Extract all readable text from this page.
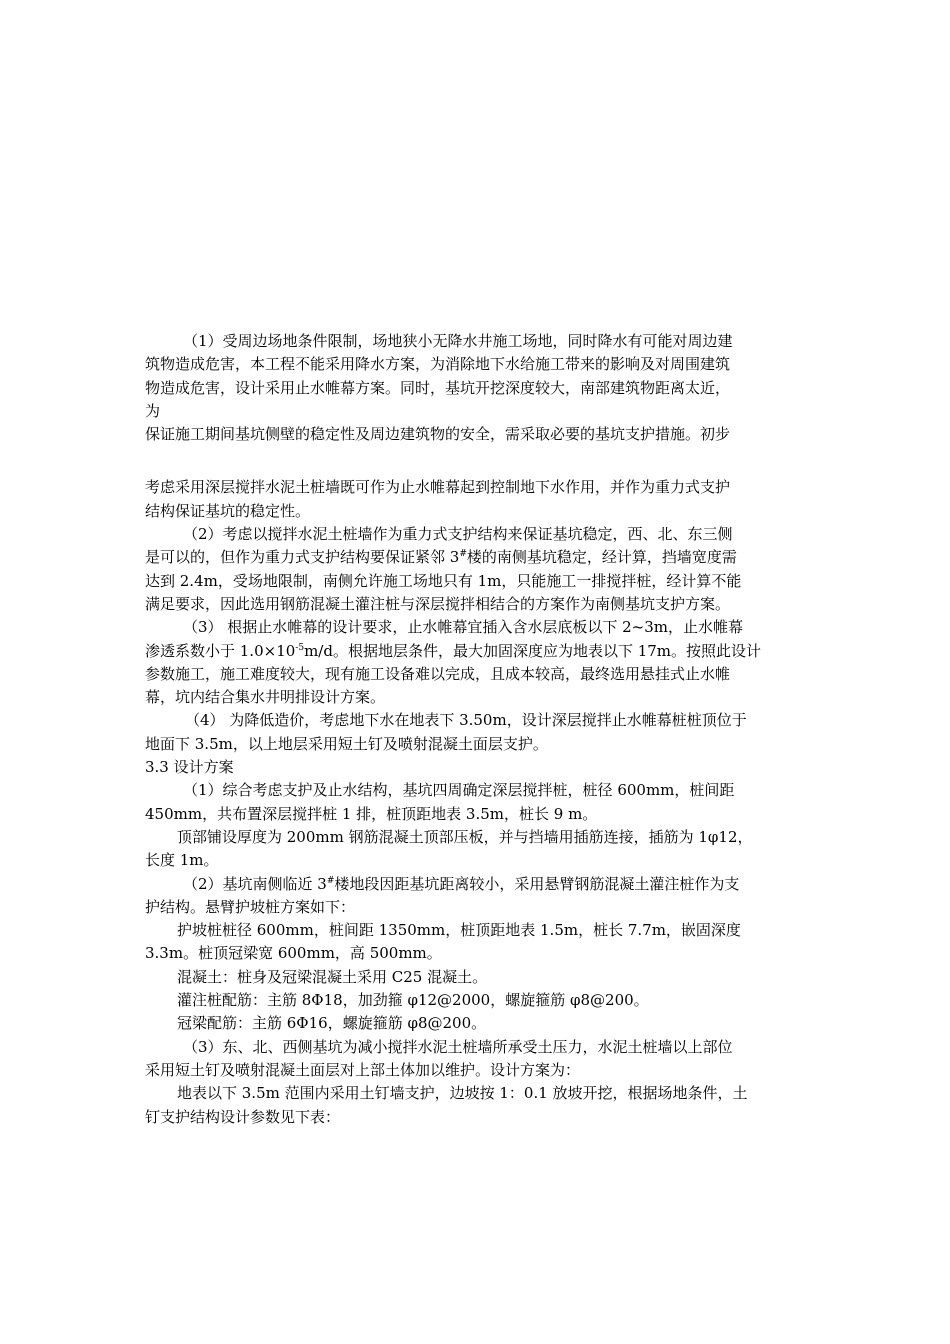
（1）受周边场地条件限制，场地狭小无降水井施工场地，同时降水有可能对周边建
筑物造成危害，本工程不能采用降水方案，为消除地下水给施工带来的影响及对周围建筑
物造成危害，设计采用止水帷幕方案。同时，基坑开挖深度较大，南部建筑物距离太近，
为
保证施工期间基坑侧壁的稳定性及周边建筑物的安全，需采取必要的基坑支护措施。初步
考虑采用深层搅拌水泥土桩墙既可作为止水帷幕起到控制地下水作用，并作为重力式支护
结构保证基坑的稳定性。
（2）考虑以搅拌水泥土桩墙作为重力式支护结构来保证基坑稳定，西、北、东三侧
是可以的，但作为重力式支护结构要保证紧邻 3#楼的南侧基坑稳定，经计算，挡墙宽度需
达到 2.4m，受场地限制，南侧允许施工场地只有 1m，只能施工一排搅拌桩，经计算不能
满足要求，因此选用钢筋混凝土灌注桩与深层搅拌相结合的方案作为南侧基坑支护方案。
（3） 根据止水帷幕的设计要求，止水帷幕宜插入含水层底板以下 2~3m，止水帷幕
渗透系数小于 $1.0\times 10^{-5}m/d$。根据地层条件，最大加固深度应为地表以下 17m。按照此设计
参数施工，施工难度较大，现有施工设备难以完成，且成本较高，最终选用悬挂式止水帷
幕，坑内结合集水井明排设计方案。
（4） 为降低造价，考虑地下水在地表下 3.50m，设计深层搅拌止水帷幕桩桩顶位于
地面下 3.5m，以上地层采用短土钉及喷射混凝土面层支护。
3.3 设计方案
（1）综合考虑支护及止水结构，基坑四周确定深层搅拌桩，桩径 600mm，桩间距
450mm，共布置深层搅拌桩 1 排，桩顶距地表 3.5m，桩长 9 m。
顶部铺设厚度为 200mm 钢筋混凝土顶部压板，并与挡墙用插筋连接，插筋为 1φ12，
长度 1m。
（2）基坑南侧临近 3#楼地段因距基坑距离较小，采用悬臂钢筋混凝土灌注桩作为支
护结构。悬臂护坡桩方案如下：
护坡桩桩径 600mm，桩间距 1350mm，桩顶距地表 1.5m，桩长 7.7m，嵌固深度
3.3m。桩顶冠梁宽 600mm，高 500mm。
混凝土：桩身及冠梁混凝土采用 C25 混凝土。
灌注桩配筋：主筋 8Φ18，加劲箍 φ12@2000，螺旋箍筋 φ8@200。
冠梁配筋：主筋 6Φ16，螺旋箍筋 φ8@200。
（3）东、北、西侧基坑为减小搅拌水泥土桩墙所承受土压力，水泥土桩墙以上部位
采用短土钉及喷射混凝土面层对上部土体加以维护。设计方案为：
地表以下 3.5m 范围内采用土钉墙支护，边坡按 1：0.1 放坡开挖，根据场地条件，土
钉支护结构设计参数见下表：
